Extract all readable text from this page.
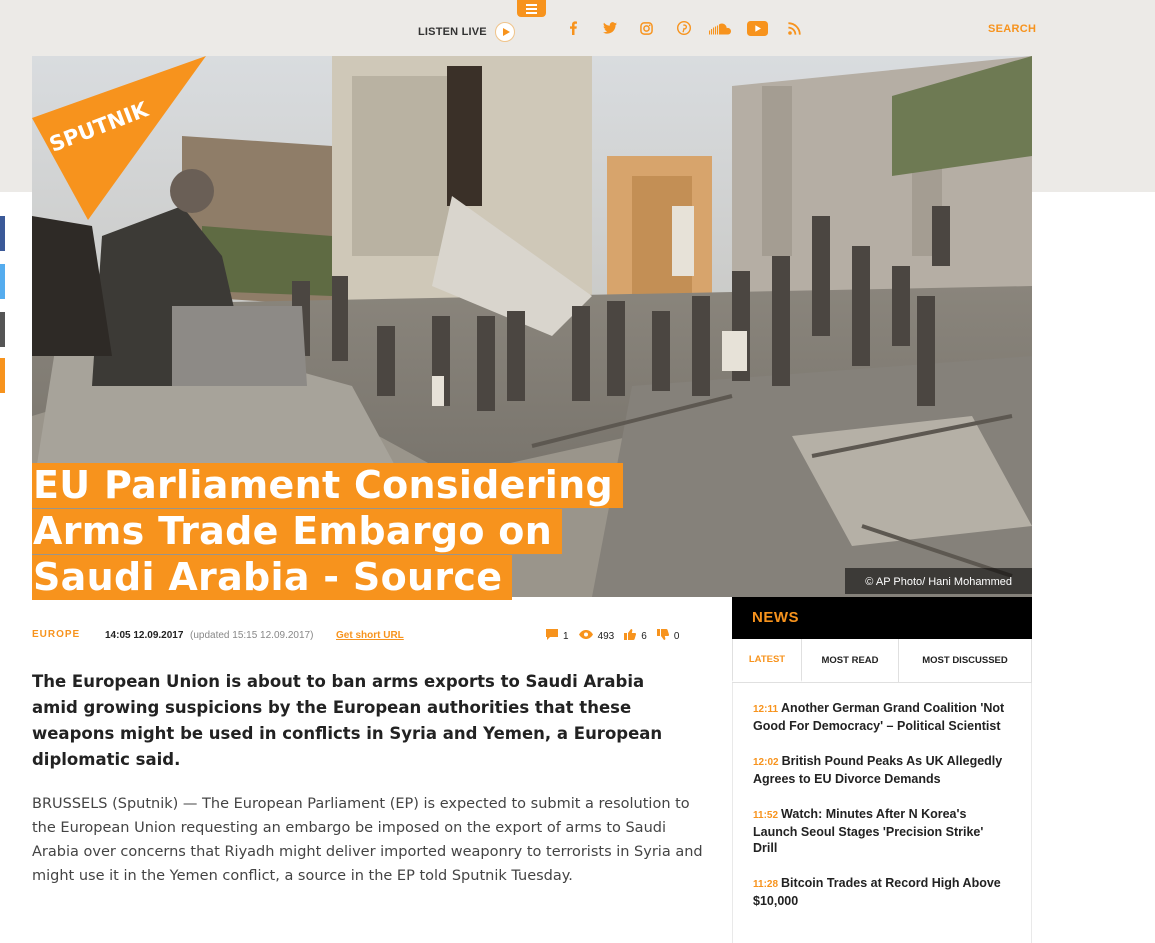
LISTEN LIVE	SEARCH
SPUTNIK
© AP Photo/ Hani Mohammed
EU Parliament Considering
Arms Trade Embargo on
Saudi Arabia - Source
EUROPE 14:05 12.09.2017 (updated 15:15 12.09.2017) Get short URL	1	493	6	0

The European Union is about to ban arms exports to Saudi Arabia amid growing suspicions by the European authorities that these weapons might be used in conflicts in Syria and Yemen, a European diplomatic said.

BRUSSELS (Sputnik) — The European Parliament (EP) is expected to submit a resolution to the European Union requesting an embargo be imposed on the export of arms to Saudi Arabia over concerns that Riyadh might deliver imported weaponry to terrorists in Syria and might use it in the Yemen conflict, a source in the EP told Sputnik Tuesday.

NEWS
LATEST	MOST READ	MOST DISCUSSED
12:11 Another German Grand Coalition 'Not Good For Democracy' – Political Scientist
12:02 British Pound Peaks As UK Allegedly Agrees to EU Divorce Demands
11:52 Watch: Minutes After N Korea's Launch Seoul Stages 'Precision Strike' Drill
11:28 Bitcoin Trades at Record High Above $10,000
